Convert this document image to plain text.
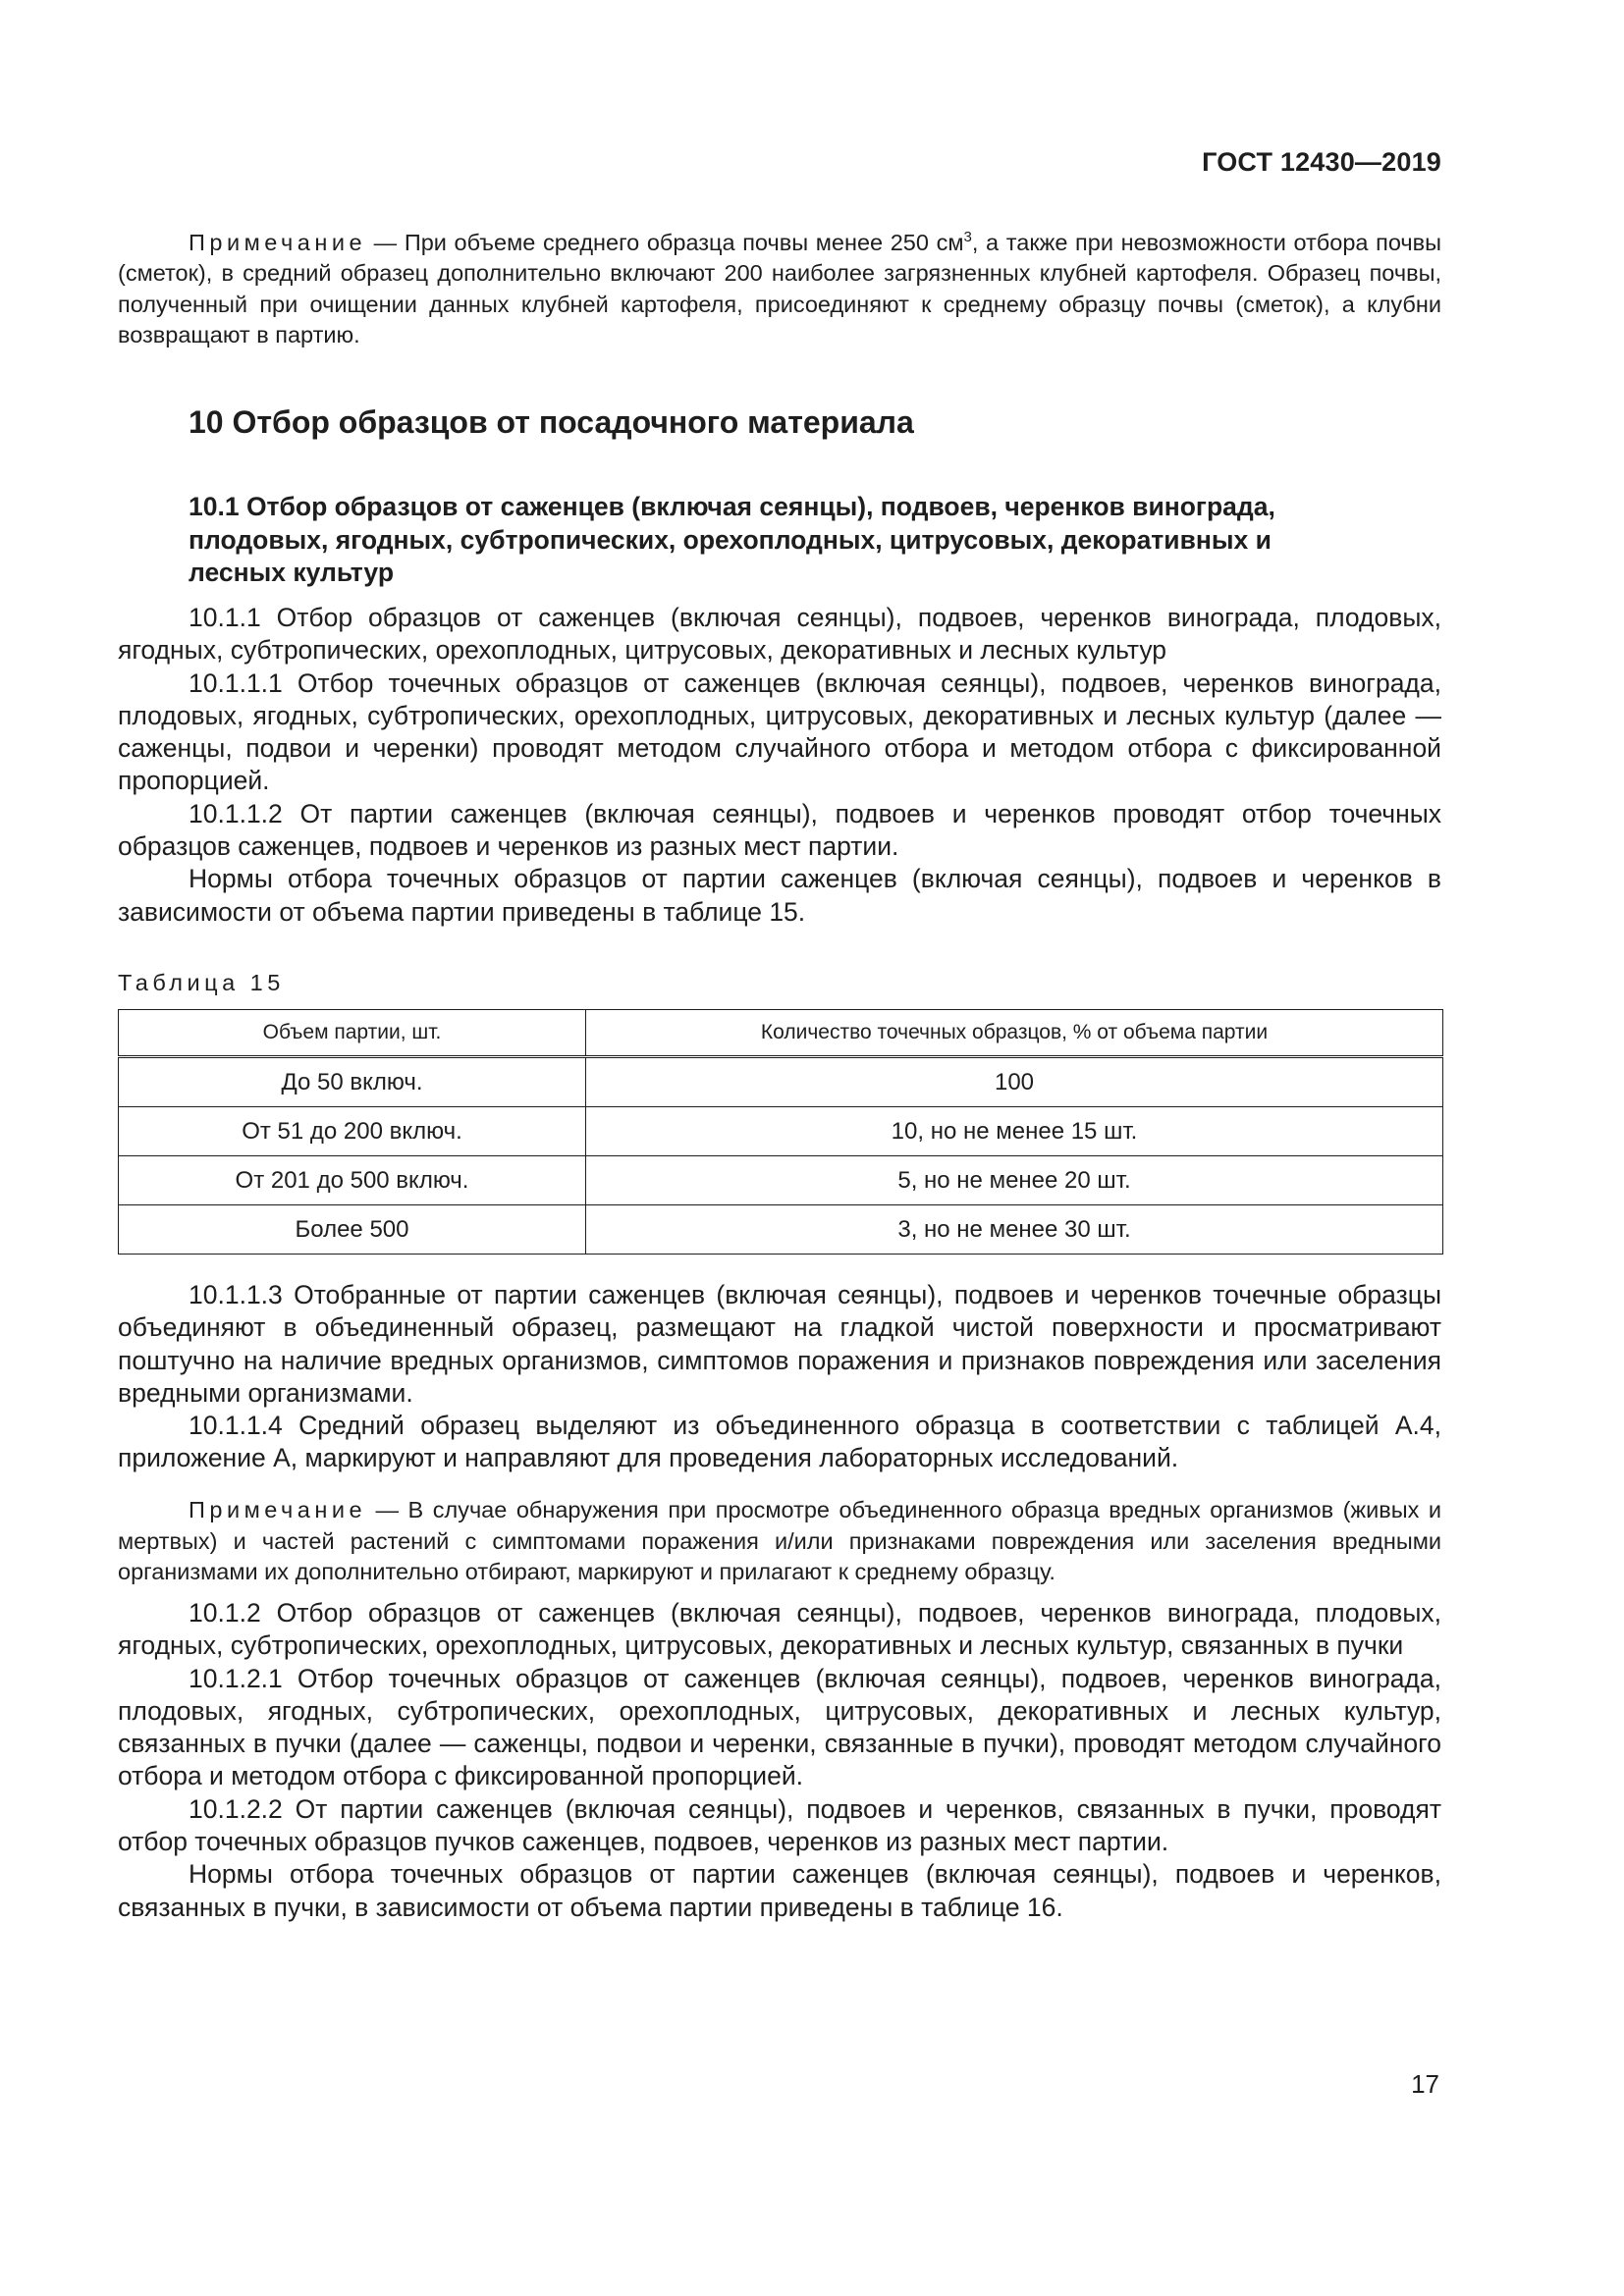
ГОСТ 12430—2019

Примечание — При объеме среднего образца почвы менее 250 $см^3$, а также при невозможности отбора почвы (сметок), в средний образец дополнительно включают 200 наиболее загрязненных клубней картофеля. Образец почвы, полученный при очищении данных клубней картофеля, присоединяют к среднему образцу почвы (сметок), а клубни возвращают в партию.

10 Отбор образцов от посадочного материала
10.1 Отбор образцов от саженцев (включая сеянцы), подвоев, черенков винограда, плодовых, ягодных, субтропических, орехоплодных, цитрусовых, декоративных и лесных культур

10.1.1 Отбор образцов от саженцев (включая сеянцы), подвоев, черенков винограда, плодовых, ягодных, субтропических, орехоплодных, цитрусовых, декоративных и лесных культур

10.1.1.1 Отбор точечных образцов от саженцев (включая сеянцы), подвоев, черенков винограда, плодовых, ягодных, субтропических, орехоплодных, цитрусовых, декоративных и лесных культур (далее — саженцы, подвои и черенки) проводят методом случайного отбора и методом отбора с фиксированной пропорцией.

10.1.1.2 От партии саженцев (включая сеянцы), подвоев и черенков проводят отбор точечных образцов саженцев, подвоев и черенков из разных мест партии.

Нормы отбора точечных образцов от партии саженцев (включая сеянцы), подвоев и черенков в зависимости от объема партии приведены в таблице 15.

Таблица 15
Объем партии, шт.	Количество точечных образцов, % от объема партии
До 50 включ.	100
От 51 до 200 включ.	10, но не менее 15 шт.
От 201 до 500 включ.	5, но не менее 20 шт.
Более 500	3, но не менее 30 шт.

10.1.1.3 Отобранные от партии саженцев (включая сеянцы), подвоев и черенков точечные образцы объединяют в объединенный образец, размещают на гладкой чистой поверхности и просматривают поштучно на наличие вредных организмов, симптомов поражения и признаков повреждения или заселения вредными организмами.

10.1.1.4 Средний образец выделяют из объединенного образца в соответствии с таблицей А.4, приложение А, маркируют и направляют для проведения лабораторных исследований.

Примечание — В случае обнаружения при просмотре объединенного образца вредных организмов (живых и мертвых) и частей растений с симптомами поражения и/или признаками повреждения или заселения вредными организмами их дополнительно отбирают, маркируют и прилагают к среднему образцу.

10.1.2 Отбор образцов от саженцев (включая сеянцы), подвоев, черенков винограда, плодовых, ягодных, субтропических, орехоплодных, цитрусовых, декоративных и лесных культур, связанных в пучки

10.1.2.1 Отбор точечных образцов от саженцев (включая сеянцы), подвоев, черенков винограда, плодовых, ягодных, субтропических, орехоплодных, цитрусовых, декоративных и лесных культур, связанных в пучки (далее — саженцы, подвои и черенки, связанные в пучки), проводят методом случайного отбора и методом отбора с фиксированной пропорцией.

10.1.2.2 От партии саженцев (включая сеянцы), подвоев и черенков, связанных в пучки, проводят отбор точечных образцов пучков саженцев, подвоев, черенков из разных мест партии.

Нормы отбора точечных образцов от партии саженцев (включая сеянцы), подвоев и черенков, связанных в пучки, в зависимости от объема партии приведены в таблице 16.

17
